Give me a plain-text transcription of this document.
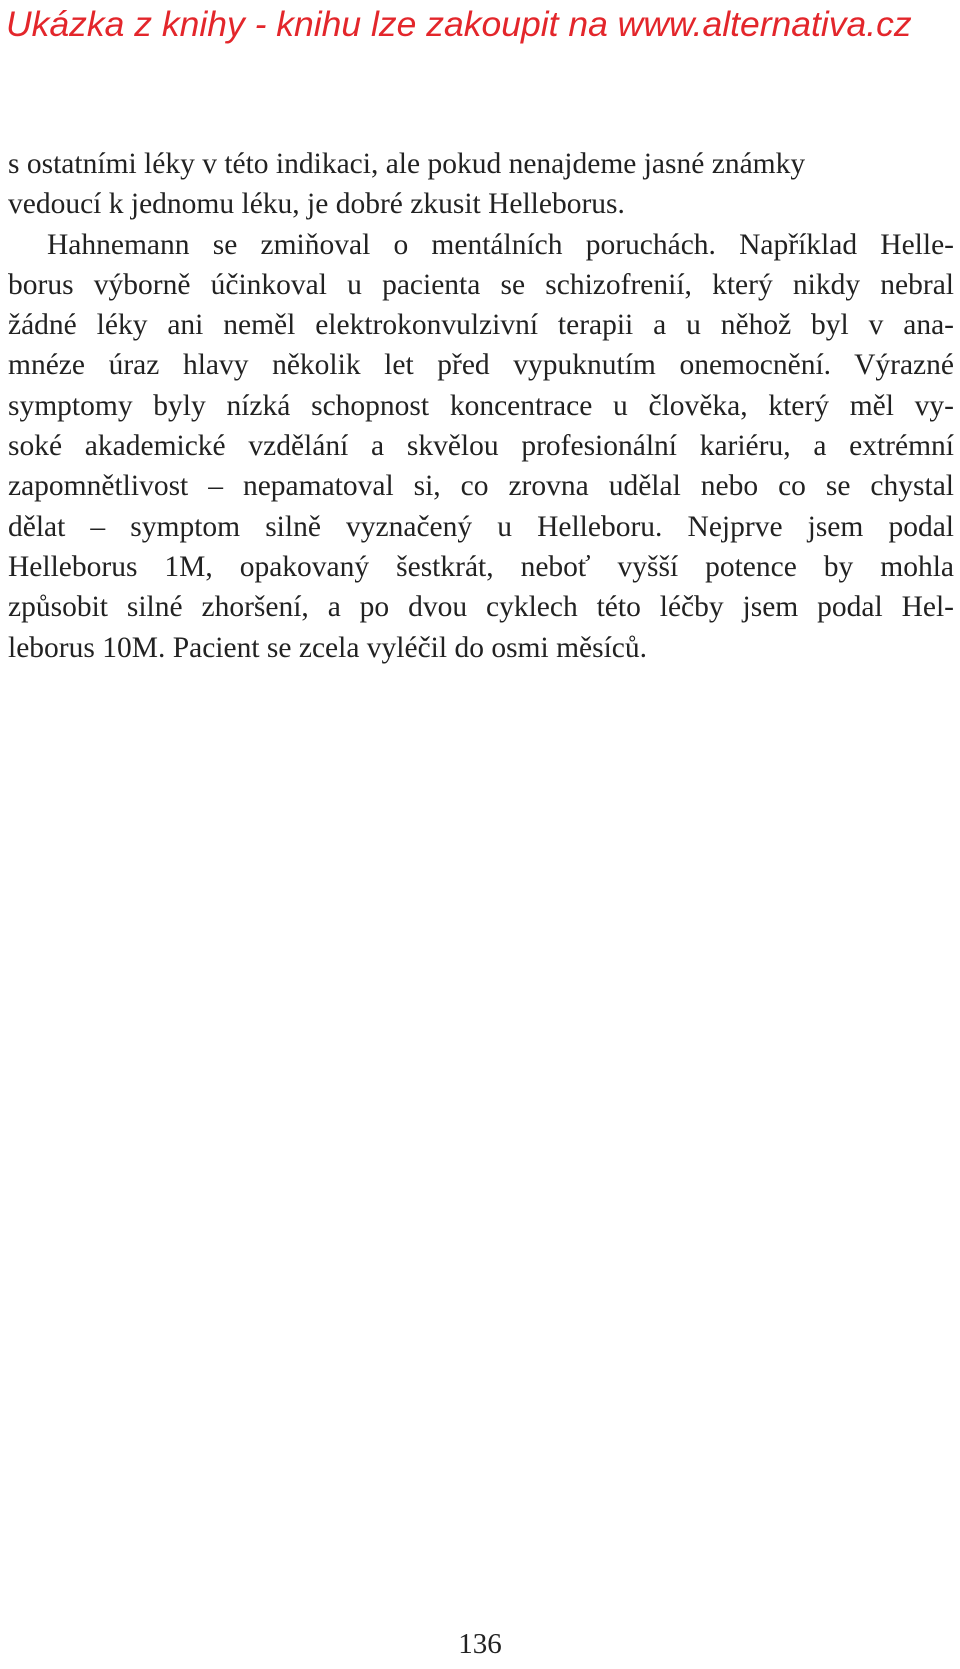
Ukázka z knihy - knihu lze zakoupit na www.alternativa.cz
s ostatními léky v této indikaci, ale pokud nenajdeme jasné známky
vedoucí k jednomu léku, je dobré zkusit Helleborus.
Hahnemann se zmiňoval o mentálních poruchách. Například Helle-
borus výborně účinkoval u pacienta se schizofrenií, který nikdy nebral
žádné léky ani neměl elektrokonvulzivní terapii a u něhož byl v ana-
mnéze úraz hlavy několik let před vypuknutím onemocnění. Výrazné
symptomy byly nízká schopnost koncentrace u člověka, který měl vy-
soké akademické vzdělání a skvělou profesionální kariéru, a extrémní
zapomnětlivost – nepamatoval si, co zrovna udělal nebo co se chystal
dělat – symptom silně vyznačený u Helleboru. Nejprve jsem podal
Helleborus 1M, opakovaný šestkrát, neboť vyšší potence by mohla
způsobit silné zhoršení, a po dvou cyklech této léčby jsem podal Hel-
leborus 10M. Pacient se zcela vyléčil do osmi měsíců.
136
